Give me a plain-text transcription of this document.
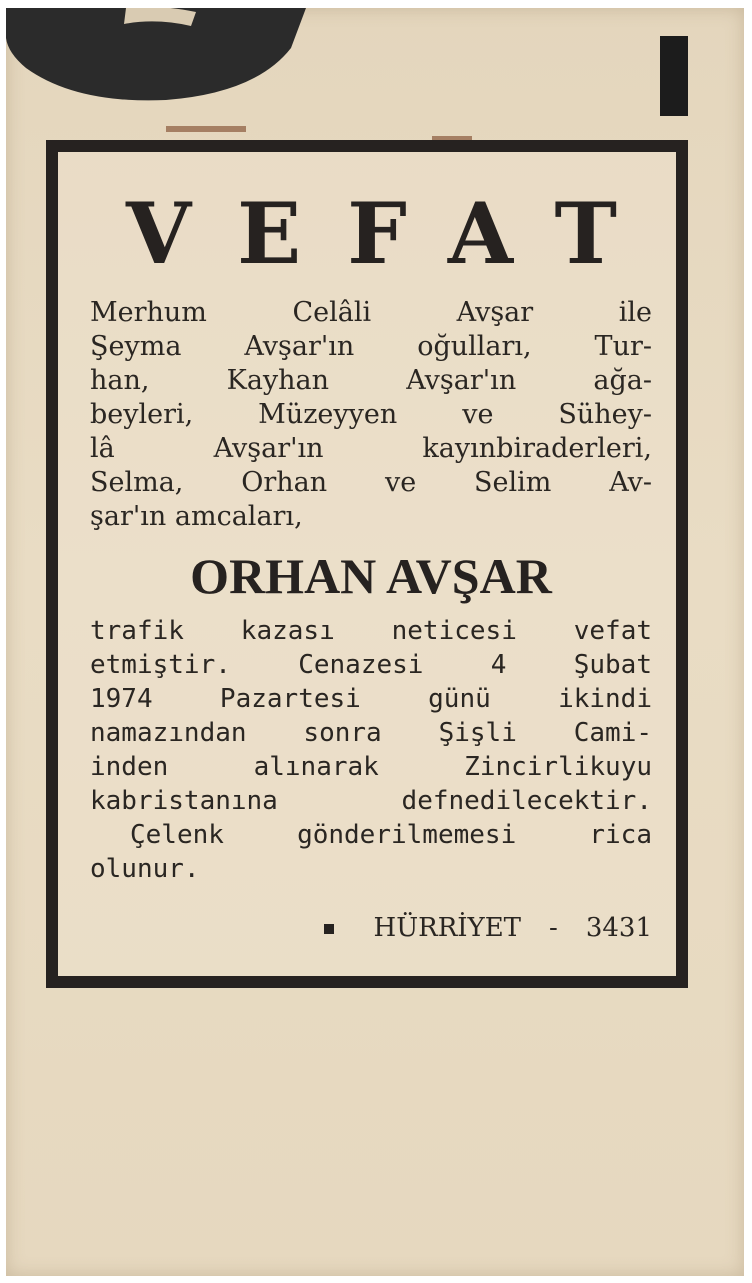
VEFAT
Merhum Celâli Avşar ile
Şeyma Avşar'ın oğulları, Tur-
han, Kayhan Avşar'ın ağa-
beyleri, Müzeyyen ve Sühey-
lâ Avşar'ın kayınbiraderleri,
Selma, Orhan ve Selim Av-
şar'ın amcaları,
ORHAN AVŞAR
trafik kazası neticesi vefat
etmiştir. Cenazesi 4 Şubat
1974 Pazartesi günü ikindi
namazından sonra Şişli Cami-
inden alınarak Zincirlikuyu
kabristanına defnedilecektir.
Çelenk gönderilmemesi rica
olunur.
HÜRRİYET - 3431
